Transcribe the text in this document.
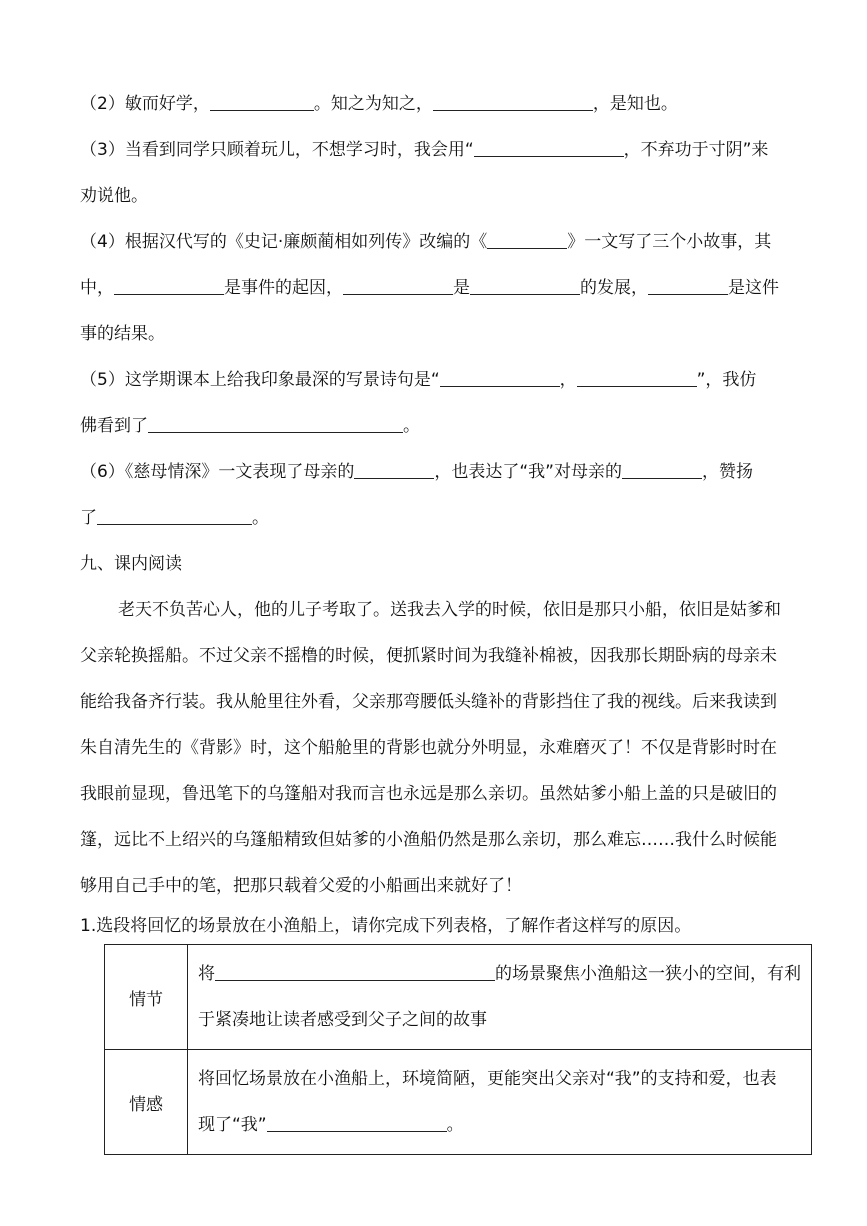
（2）敏而好学，	。知之为知之，	，是知也。
（3）当看到同学只顾着玩儿，不想学习时，我会用“	，不弃功于寸阴”来
劝说他。
（4）根据汉代写的《史记·廉颇蔺相如列传》改编的《	》一文写了三个小故事，其
中，	是事件的起因，	是	的发展，	是这件
事的结果。
（5）这学期课本上给我印象最深的写景诗句是“	，	”，我仿
佛看到了	。
（6）《慈母情深》一文表现了母亲的	，也表达了“我”对母亲的	，赞扬
了	。
九、课内阅读
老天不负苦心人，他的儿子考取了。送我去入学的时候，依旧是那只小船，依旧是姑爹和
父亲轮换摇船。不过父亲不摇橹的时候，便抓紧时间为我缝补棉被，因我那长期卧病的母亲未
能给我备齐行装。我从舱里往外看，父亲那弯腰低头缝补的背影挡住了我的视线。后来我读到
朱自清先生的《背影》时，这个船舱里的背影也就分外明显，永难磨灭了！不仅是背影时时在
我眼前显现，鲁迅笔下的乌篷船对我而言也永远是那么亲切。虽然姑爹小船上盖的只是破旧的
篷，远比不上绍兴的乌篷船精致但姑爹的小渔船仍然是那么亲切，那么难忘……我什么时候能
够用自己手中的笔，把那只载着父爱的小船画出来就好了！
1.选段将回忆的场景放在小渔船上，请你完成下列表格，了解作者这样写的原因。
情节	将 的场景聚焦小渔船这一狭小的空间，有利
于紧凑地让读者感受到父子之间的故事

情感	将回忆场景放在小渔船上，环境简陋，更能突出父亲对“我”的支持和爱，也表
现了“我” 。
